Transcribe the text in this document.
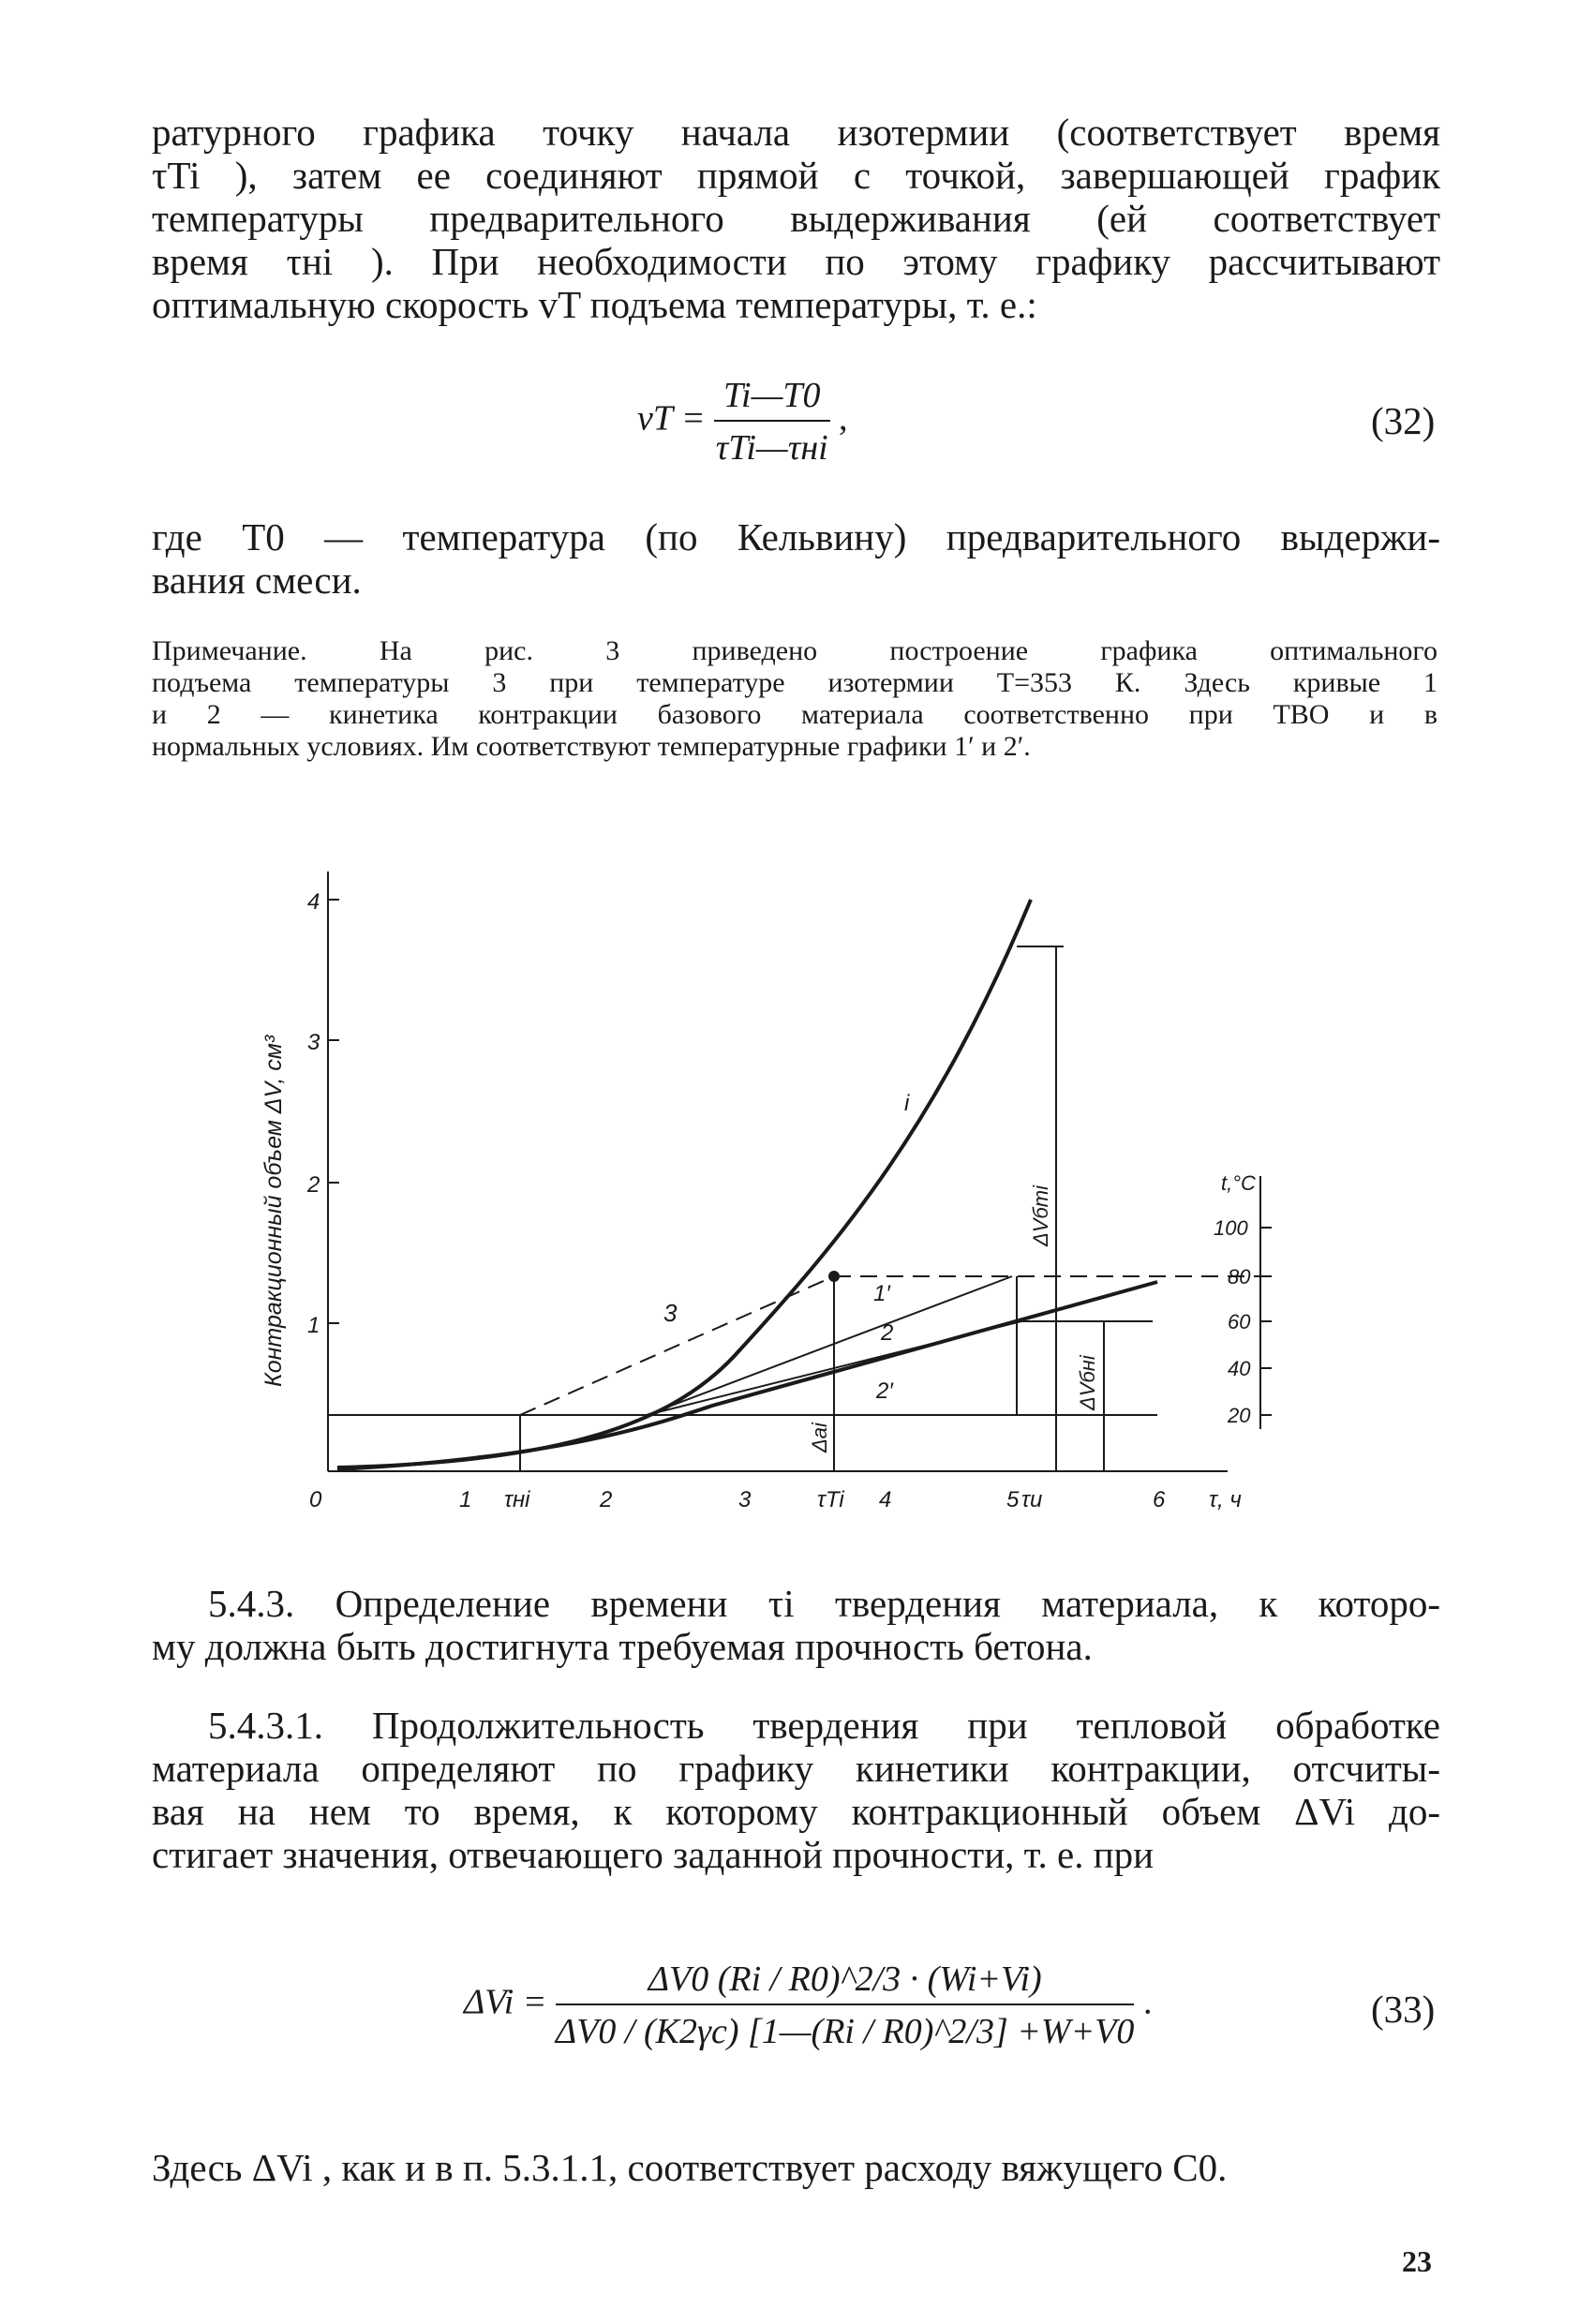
ратурного графика точку начала изотермии (соответствует время
τTi ), затем ее соединяют прямой с точкой, завершающей график
температуры предварительного выдерживания (ей соответствует
время τнi ). При необходимости по этому графику рассчитывают
оптимальную скорость vT подъема температуры, т. е.:
vT = $\frac{Ti—T0}{\text{τTi—τнi}}$ ,	(32)
где T0 — температура (по Кельвину) предварительного выдержи-
вания смеси.
Примечание. На рис. 3 приведено построение графика оптимального
подъема температуры 3 при температуре изотермии T=353 К. Здесь кривые 1
и 2 — кинетика контракции базового материала соответственно при ТВО и в
нормальных условиях. Им соответствуют температурные графики 1′ и 2′.
Контракционный объем ΔV, см³
4
3
2
1
0	1 τнi	2	3	τTi 4	5 τu	6 τ, ч
t,°C
100
80
60
40
20
i
1′
2
2′
3
ΔVбmi
ΔVбнi
Δai
5.4.3. Определение времени τi твердения материала, к которо-
му должна быть достигнута требуемая прочность бетона.
5.4.3.1. Продолжительность твердения при тепловой обработке
материала определяют по графику кинетики контракции, отсчиты-
вая на нем то время, к которому контракционный объем ΔVi до-
стигает значения, отвечающего заданной прочности, т. е. при
$\Delta Vi = \frac{\Delta V0 (Ri / R0)\^{}2/3 \cdot (Wi+Vi)}{\Delta V0 / (K2\gamma c) [1—(Ri / R0)\^{}2/3] +W+V0}$ .	(33)
Здесь ΔVi , как и в п. 5.3.1.1, соответствует расходу вяжущего C0.
23
